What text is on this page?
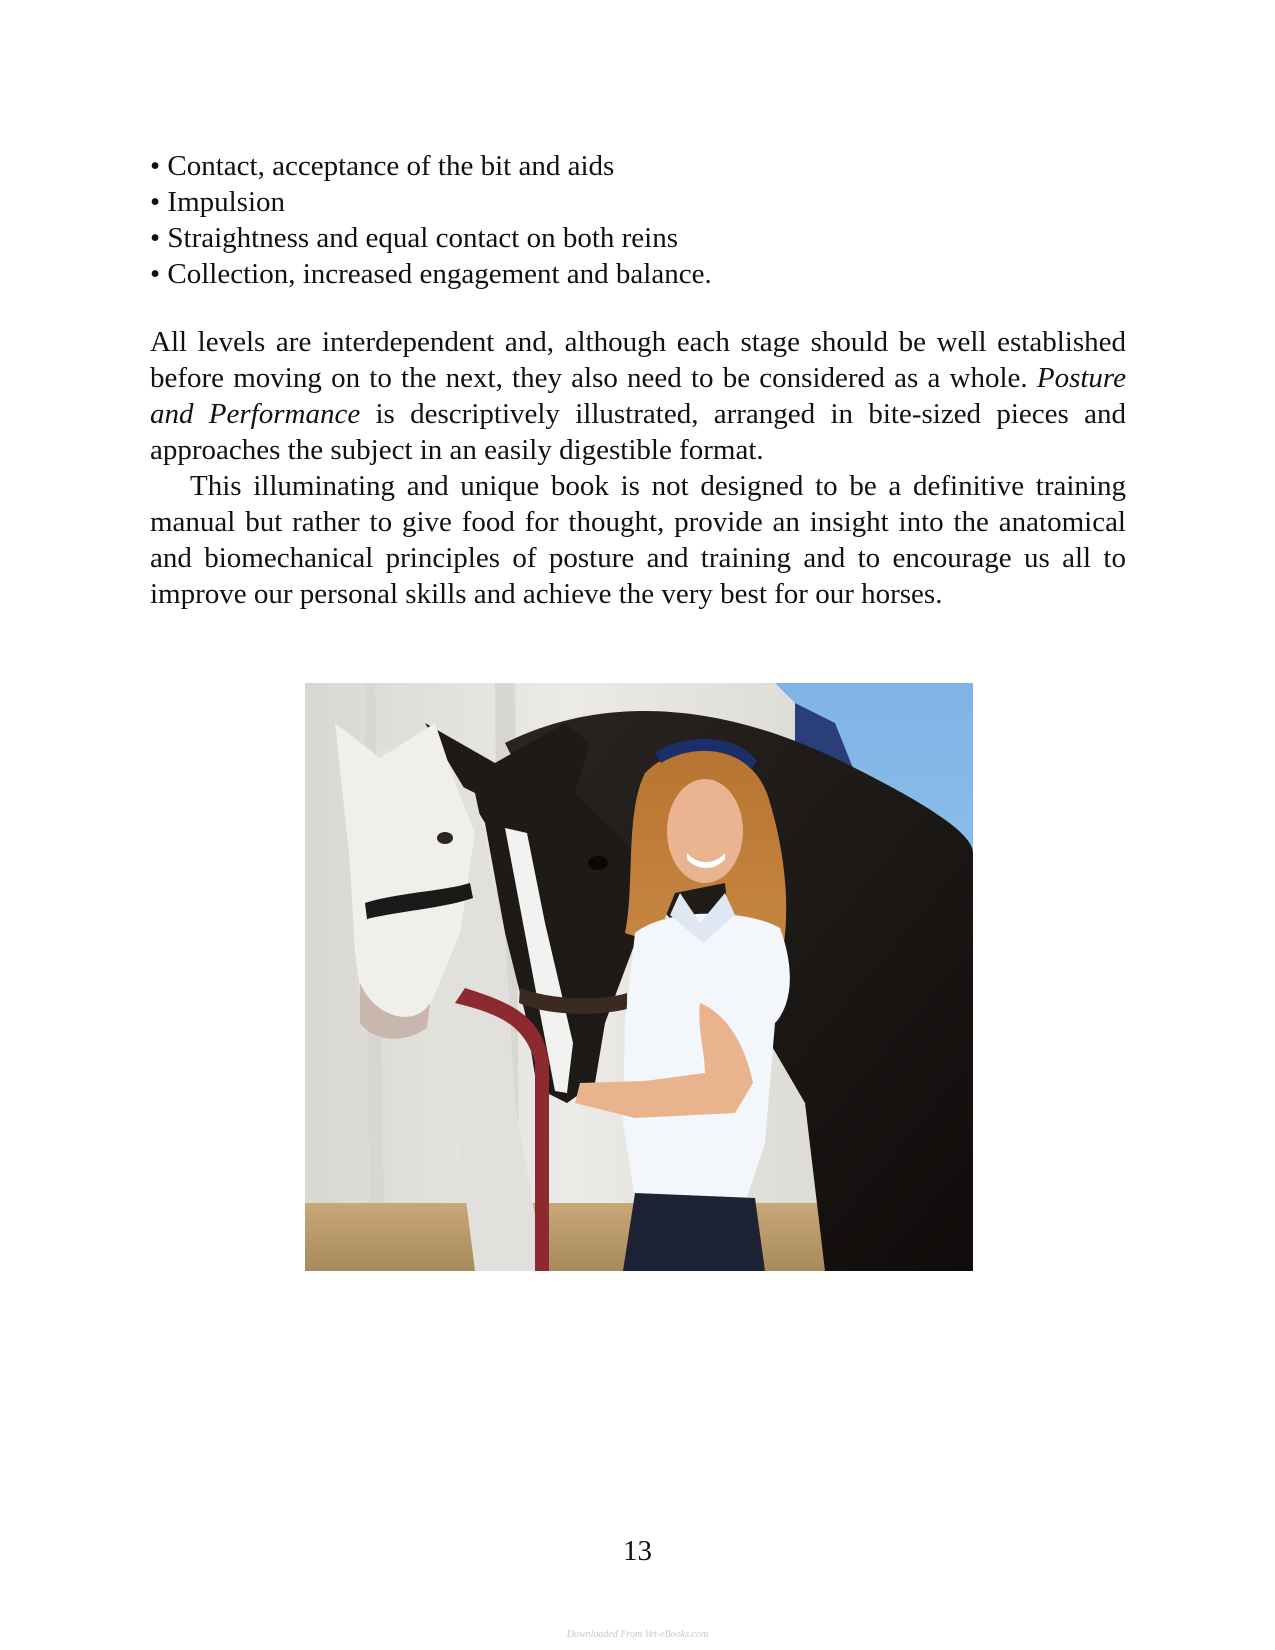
• Contact, acceptance of the bit and aids
• Impulsion
• Straightness and equal contact on both reins
• Collection, increased engagement and balance.

All levels are interdependent and, although each stage should be well established before moving on to the next, they also need to be considered as a whole. Posture and Performance is descriptively illustrated, arranged in bite-sized pieces and approaches the subject in an easily digestible format.

This illuminating and unique book is not designed to be a definitive training manual but rather to give food for thought, provide an insight into the anatomical and biomechanical principles of posture and training and to encourage us all to improve our personal skills and achieve the very best for our horses.

13
Downloaded From Vet-eBooks.com
